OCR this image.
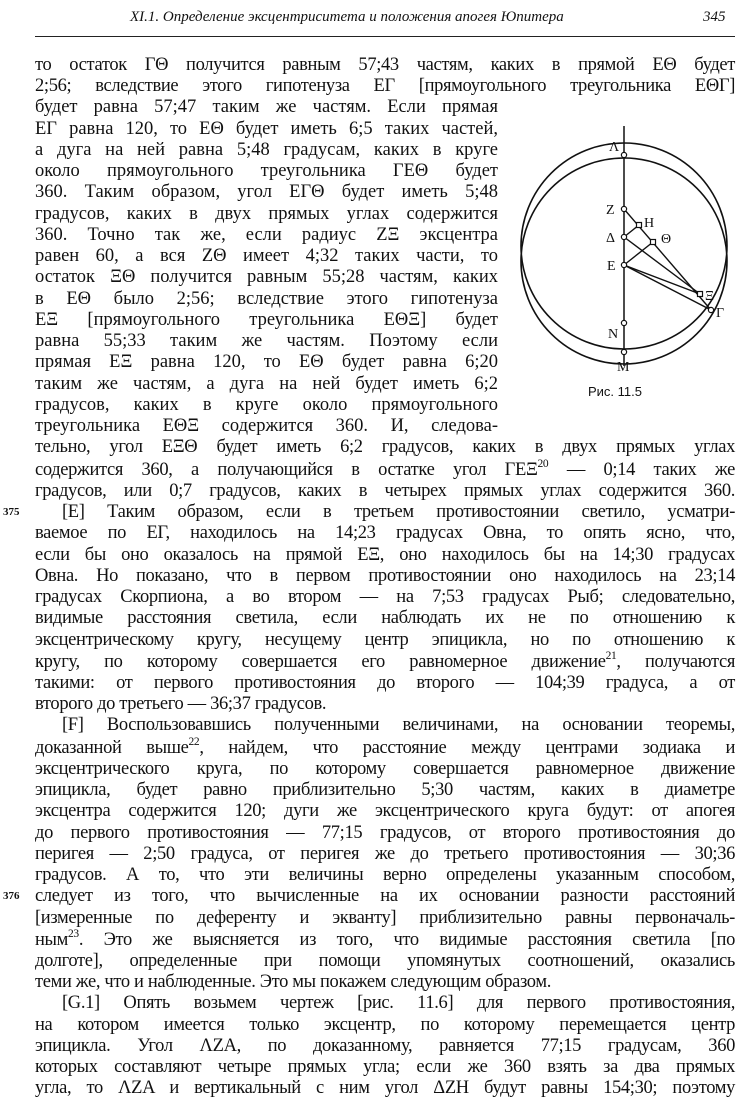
XI.1. Определение эксцентриситета и положения апогея Юпитера	345
Λ
Z
H
Δ	Θ
E
Ξ
Γ
N
M
Рис. 11.5
то остаток ΓΘ получится равным 57;43 частям, каких в прямой ΕΘ будет
2;56; вследствие этого гипотенуза ΕΓ [прямоугольного треугольника ΕΘΓ]
будет равна 57;47 таким же частям. Если прямая
ΕΓ равна 120, то ΕΘ будет иметь 6;5 таких частей,
а дуга на ней равна 5;48 градусам, каких в круге
около прямоугольного треугольника ΓΕΘ будет
360. Таким образом, угол ΕΓΘ будет иметь 5;48
градусов, каких в двух прямых углах содержится
360. Точно так же, если радиус ΖΞ эксцентра
равен 60, а вся ΖΘ имеет 4;32 таких части, то
остаток ΞΘ получится равным 55;28 частям, каких
в ΕΘ было 2;56; вследствие этого гипотенуза
ΕΞ [прямоугольного треугольника ΕΘΞ] будет
равна 55;33 таким же частям. Поэтому если
прямая ΕΞ равна 120, то ΕΘ будет равна 6;20
таким же частям, а дуга на ней будет иметь 6;2
градусов, каких в круге около прямоугольного
треугольника ΕΘΞ содержится 360. И, следова-
тельно, угол ΕΞΘ будет иметь 6;2 градусов, каких в двух прямых углах
содержится 360, а получающийся в остатке угол ΓΕΞ$^{20}$ — 0;14 таких же
градусов, или 0;7 градусов, каких в четырех прямых углах содержится 360.
375 [E] Таким образом, если в третьем противостоянии светило, усматри-
ваемое по ΕΓ, находилось на 14;23 градусах Овна, то опять ясно, что,
если бы оно оказалось на прямой ΕΞ, оно находилось бы на 14;30 градусах
Овна. Но показано, что в первом противостоянии оно находилось на 23;14
градусах Скорпиона, а во втором — на 7;53 градусах Рыб; следовательно,
видимые расстояния светила, если наблюдать их не по отношению к
эксцентрическому кругу, несущему центр эпицикла, но по отношению к
кругу, по которому совершается его равномерное движение$^{21}$, получаются
такими: от первого противостояния до второго — 104;39 градуса, а от
второго до третьего — 36;37 градусов.
[F] Воспользовавшись полученными величинами, на основании теоремы,
доказанной выше$^{22}$, найдем, что расстояние между центрами зодиака и
эксцентрического круга, по которому совершается равномерное движение
эпицикла, будет равно приблизительно 5;30 частям, каких в диаметре
эксцентра содержится 120; дуги же эксцентрического круга будут: от апогея
до первого противостояния — 77;15 градусов, от второго противостояния до
перигея — 2;50 градуса, от перигея же до третьего противостояния — 30;36
градусов. А то, что эти величины верно определены указанным способом,
376 следует из того, что вычисленные на их основании разности расстояний
[измеренные по деференту и экванту] приблизительно равны первоначаль-
ным$^{23}$. Это же выясняется из того, что видимые расстояния светила [по
долготе], определенные при помощи упомянутых соотношений, оказались
теми же, что и наблюденные. Это мы покажем следующим образом.
[G.1] Опять возьмем чертеж [рис. 11.6] для первого противостояния,
на котором имеется только эксцентр, по которому перемещается центр
эпицикла. Угол ΛΖΑ, по доказанному, равняется 77;15 градусам, 360
которых составляют четыре прямых угла; если же 360 взять за два прямых
угла, то ΛΖΑ и вертикальный с ним угол ΔΖΗ будут равны 154;30; поэтому
